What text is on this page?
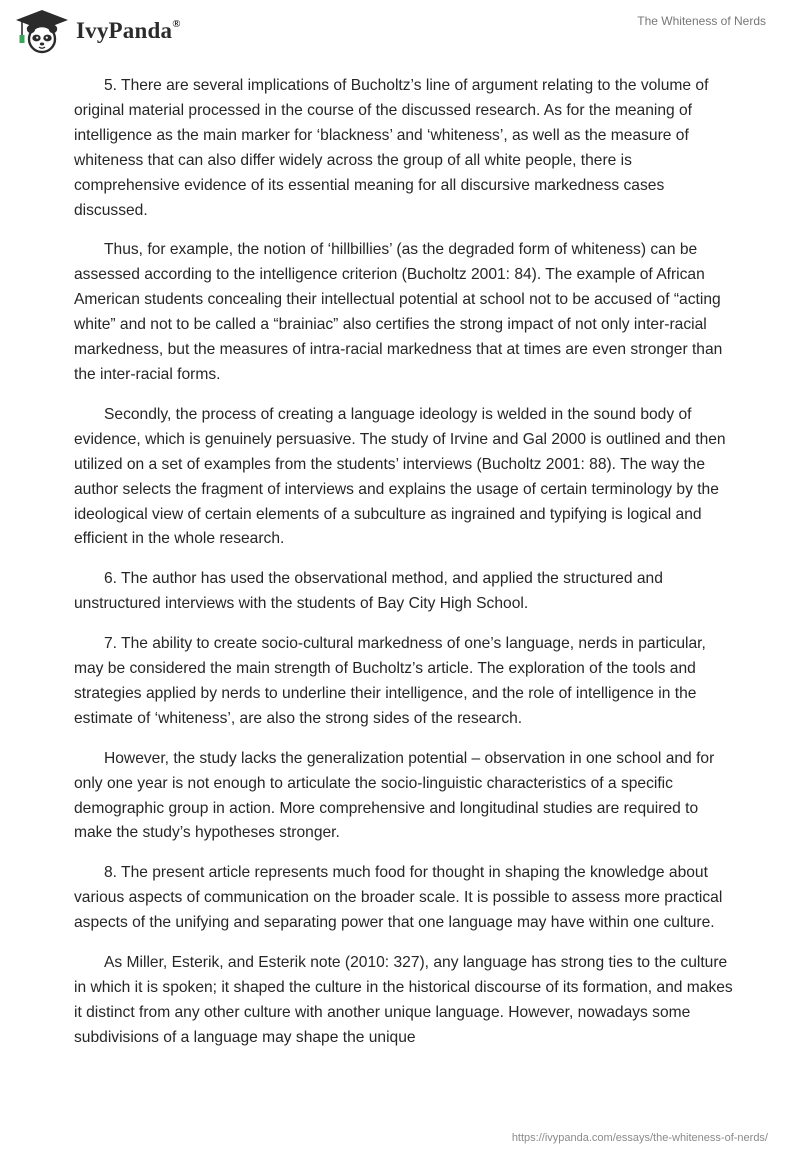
IvyPanda®	The Whiteness of Nerds

5. There are several implications of Bucholtz’s line of argument relating to the volume of original material processed in the course of the discussed research. As for the meaning of intelligence as the main marker for ‘blackness’ and ‘whiteness’, as well as the measure of whiteness that can also differ widely across the group of all white people, there is comprehensive evidence of its essential meaning for all discursive markedness cases discussed.

Thus, for example, the notion of ‘hillbillies’ (as the degraded form of whiteness) can be assessed according to the intelligence criterion (Bucholtz 2001: 84). The example of African American students concealing their intellectual potential at school not to be accused of “acting white” and not to be called a “brainiac” also certifies the strong impact of not only inter-racial markedness, but the measures of intra-racial markedness that at times are even stronger than the inter-racial forms.

Secondly, the process of creating a language ideology is welded in the sound body of evidence, which is genuinely persuasive. The study of Irvine and Gal 2000 is outlined and then utilized on a set of examples from the students’ interviews (Bucholtz 2001: 88). The way the author selects the fragment of interviews and explains the usage of certain terminology by the ideological view of certain elements of a subculture as ingrained and typifying is logical and efficient in the whole research.

6. The author has used the observational method, and applied the structured and unstructured interviews with the students of Bay City High School.

7. The ability to create socio-cultural markedness of one’s language, nerds in particular, may be considered the main strength of Bucholtz’s article. The exploration of the tools and strategies applied by nerds to underline their intelligence, and the role of intelligence in the estimate of ‘whiteness’, are also the strong sides of the research.

However, the study lacks the generalization potential – observation in one school and for only one year is not enough to articulate the socio-linguistic characteristics of a specific demographic group in action. More comprehensive and longitudinal studies are required to make the study’s hypotheses stronger.

8. The present article represents much food for thought in shaping the knowledge about various aspects of communication on the broader scale. It is possible to assess more practical aspects of the unifying and separating power that one language may have within one culture.

As Miller, Esterik, and Esterik note (2010: 327), any language has strong ties to the culture in which it is spoken; it shaped the culture in the historical discourse of its formation, and makes it distinct from any other culture with another unique language. However, nowadays some subdivisions of a language may shape the unique

https://ivypanda.com/essays/the-whiteness-of-nerds/
